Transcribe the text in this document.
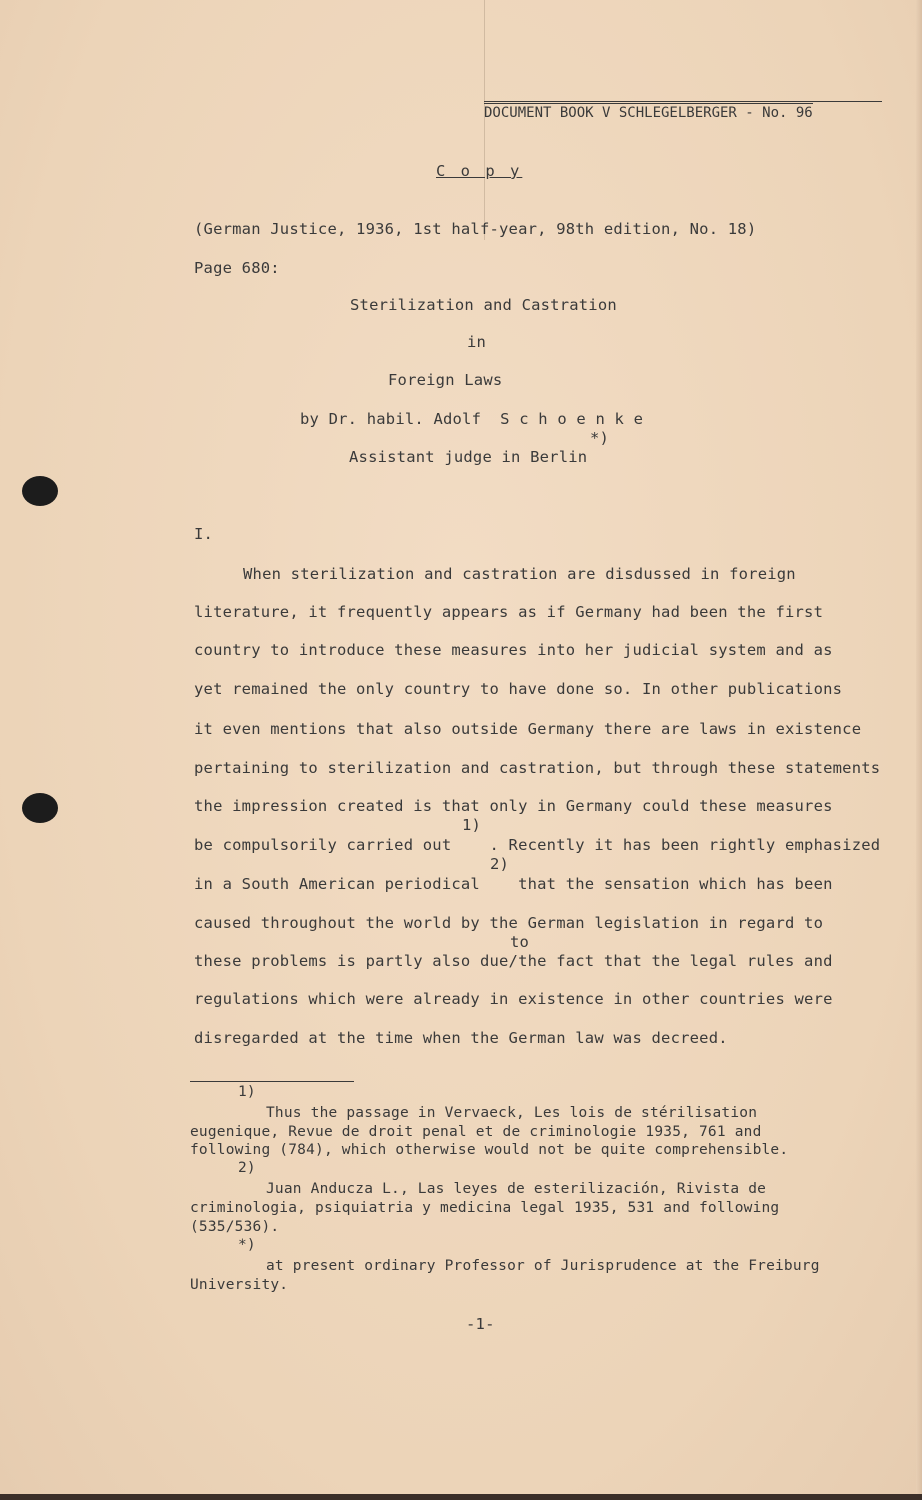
DOCUMENT BOOK V SCHLEGELBERGER - No. 96
C o p y
(German Justice, 1936, 1st half-year, 98th edition, No. 18)
Page 680:
Sterilization and Castration
in
Foreign Laws
by Dr. habil. Adolf  S c h o e n k e
*)
Assistant judge in Berlin
I.
When sterilization and castration are disdussed in foreign
literature, it frequently appears as if Germany had been the first
country to introduce these measures into her judicial system and as
yet remained the only country to have done so. In other publications
it even mentions that also outside Germany there are laws in existence
pertaining to sterilization and castration, but through these statements
the impression created is that only in Germany could these measures
1)
be compulsorily carried out    . Recently it has been rightly emphasized
2)
in a South American periodical    that the sensation which has been
caused throughout the world by the German legislation in regard to
to
these problems is partly also due/the fact that the legal rules and
regulations which were already in existence in other countries were
disregarded at the time when the German law was decreed.
1)
Thus the passage in Vervaeck, Les lois de stérilisation
eugenique, Revue de droit penal et de criminologie 1935, 761 and
following (784), which otherwise would not be quite comprehensible.
2)
Juan Anducza L., Las leyes de esterilización, Rivista de
criminologia, psiquiatria y medicina legal 1935, 531 and following
(535/536).
*)
at present ordinary Professor of Jurisprudence at the Freiburg
University.
-1-
